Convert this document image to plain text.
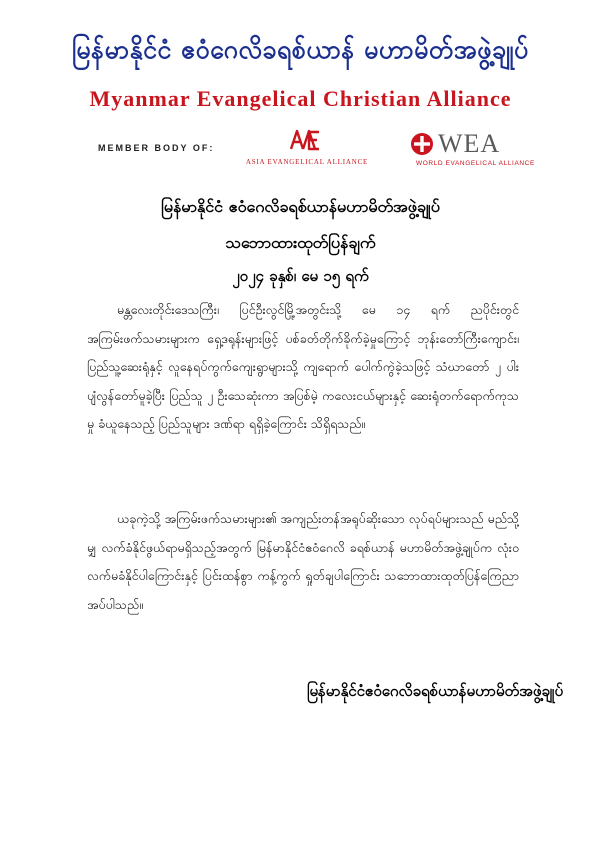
မြန်မာနိုင်ငံ ဧဝံဂေလိခရစ်ယာန် မဟာမိတ်အဖွဲ့ချုပ်
Myanmar Evangelical Christian Alliance
MEMBER BODY OF:
ASIA EVANGELICAL ALLIANCE
WEA
WORLD EVANGELICAL ALLIANCE
မြန်မာနိုင်ငံ ဧဝံဂေလိခရစ်ယာန်မဟာမိတ်အဖွဲ့ချုပ်
သဘောထားထုတ်ပြန်ချက်
၂၀၂၄ ခုနှစ်၊ မေ ၁၅ ရက်
မန္တလေးတိုင်းဒေသကြီး၊ ပြင်ဦးလွင်မြို့အတွင်းသို့ မေ ၁၄ ရက် ညပိုင်းတွင် အကြမ်းဖက်သမားများက ရှေ့ဒရုန်းများဖြင့် ပစ်ခတ်တိုက်ခိုက်ခဲ့မှုကြောင့် ဘုန်းတော်ကြီးကျောင်း၊ ပြည်သူ့ဆေးရုံနှင့် လူနေရပ်ကွက်ကျေးရွာများသို့ ကျရောက် ပေါက်ကွဲခဲ့သဖြင့် သံဃာတော် ၂ ပါး ပျံလွန်တော်မူခဲ့ပြီး ပြည်သူ ၂ ဦးသေဆုံးကာ အပြစ်မဲ့ ကလေးငယ်များနှင့် ဆေးရုံတက်ရောက်ကုသမှု ခံယူနေသည့် ပြည်သူများ ဒဏ်ရာ ရရှိခဲ့ကြောင်း သိရှိရသည်။
ယခုကဲ့သို့ အကြမ်းဖက်သမားများ၏ အကျည်းတန်အရုပ်ဆိုးသော လုပ်ရပ်များသည် မည်သို့မျှ လက်ခံနိုင်ဖွယ်ရာမရှိသည့်အတွက် မြန်မာနိုင်ငံဧဝံဂေလိ ခရစ်ယာန် မဟာမိတ်အဖွဲ့ချုပ်က လုံးဝလက်မခံနိုင်ပါကြောင်းနှင့် ပြင်းထန်စွာ ကန့်ကွက် ရှုတ်ချပါကြောင်း သဘောထားထုတ်ပြန်ကြေညာအပ်ပါသည်။
မြန်မာနိုင်ငံဧဝံဂေလိခရစ်ယာန်မဟာမိတ်အဖွဲ့ချုပ်
